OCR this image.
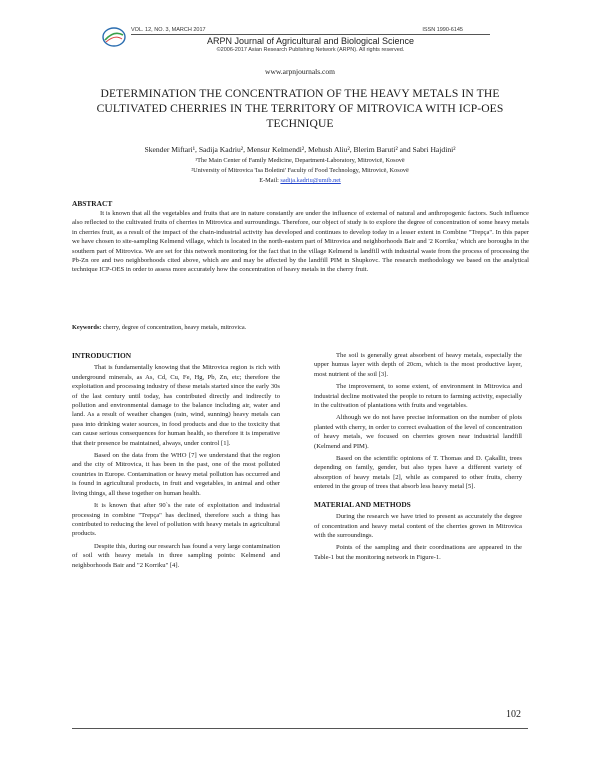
VOL. 12, NO. 3, MARCH 2017	ISSN 1990-6145
ARPN Journal of Agricultural and Biological Science
©2006-2017 Asian Research Publishing Network (ARPN). All rights reserved.
www.arpnjournals.com
DETERMINATION THE CONCENTRATION OF THE HEAVY METALS IN THE CULTIVATED CHERRIES IN THE TERRITORY OF MITROVICA WITH ICP-OES TECHNIQUE
Skender Miftari¹, Sadija Kadriu², Mensur Kelmendi², Mehush Aliu², Blerim Baruti² and Sabri Hajdini²
¹The Main Center of Family Medicine, Department-Laboratory, Mitrovicë, Kosovë
²University of Mitrovica 'Isa Boletini' Faculty of Food Technology, Mitrovicë, Kosovë
E-Mail: sadija.kadriu@umib.net
ABSTRACT

It is known that all the vegetables and fruits that are in nature constantly are under the influence of external of natural and anthropogenic factors. Such influence also reflected to the cultivated fruits of cherries in Mitrovica and surroundings. Therefore, our object of study is to explore the degree of concentration of some heavy metals in cherries fruit, as a result of the impact of the chain-industrial activity has developed and continues to develop today in a lesser extent in Combine "Trepça". In this paper we have chosen to site-sampling Kelmend village, which is located in the north-eastern part of Mitrovica and neighborhoods Bair and '2 Korriku,' which are boroughs in the southern part of Mitrovica. We are set for this network monitoring for the fact that in the village Kelmend is landfill with industrial waste from the process of processing the Pb-Zn ore and two neighborhoods cited above, which are and may be affected by the landfill PIM in Shupkovc. The research methodology we based on the analytical technique ICP-OES in order to assess more accurately how the concentration of heavy metals in the cherry fruit.

Keywords: cherry, degree of concentration, heavy metals, mitrovica.
INTRODUCTION

That is fundamentally knowing that the Mitrovica region is rich with underground minerals, as As, Cd, Cu, Fe, Hg, Pb, Zn, etc; therefore the exploitation and processing industry of these metals started since the early 30s of the last century until today, has contributed directly and indirectly to pollution and environmental damage to the balance including air, water and land. As a result of weather changes (rain, wind, sunning) heavy metals can pass into drinking water sources, in food products and due to the toxicity that can cause serious consequences for human health, so therefore it is imperative that their presence be maintained, always, under control [1].

Based on the data from the WHO [7] we understand that the region and the city of Mitrovica, it has been in the past, one of the most polluted countries in Europe. Contamination or heavy metal pollution has occurred and is found in agricultural products, in fruit and vegetables, in animal and other living things, all these together on human health.

It is known that after 90`s the rate of exploitation and industrial processing in combine "Trepça" has declined, therefore such a thing has contributed to reducing the level of pollution with heavy metals in agricultural products.

Despite this, during our research has found a very large contamination of soil with heavy metals in three sampling points: Kelmend and neighborhoods Bair and "2 Korriku" [4].

The soil is generally great absorbent of heavy metals, especially the upper humus layer with depth of 20cm, which is the most productive layer, most nutrient of the soil [3].

The improvement, to some extent, of environment in Mitrovica and industrial decline motivated the people to return to farming activity, especially in the cultivation of plantations with fruits and vegetables.

Although we do not have precise information on the number of plots planted with cherry, in order to correct evaluation of the level of concentration of heavy metals, we focused on cherries grown near industrial landfill (Kelmend and PIM).

Based on the scientific opinions of T. Thomas and D. Çakallit, trees depending on family, gender, but also types have a different variety of absorption of heavy metals [2], while as compared to other fruits, cherry entered in the group of trees that absorb less heavy metal [5].

MATERIAL AND METHODS

During the research we have tried to present as accurately the degree of concentration and heavy metal content of the cherries grown in Mitrovica with the surroundings.

Points of the sampling and their coordinations are appeared in the Table-1 but the monitoring network in Figure-1.

102
